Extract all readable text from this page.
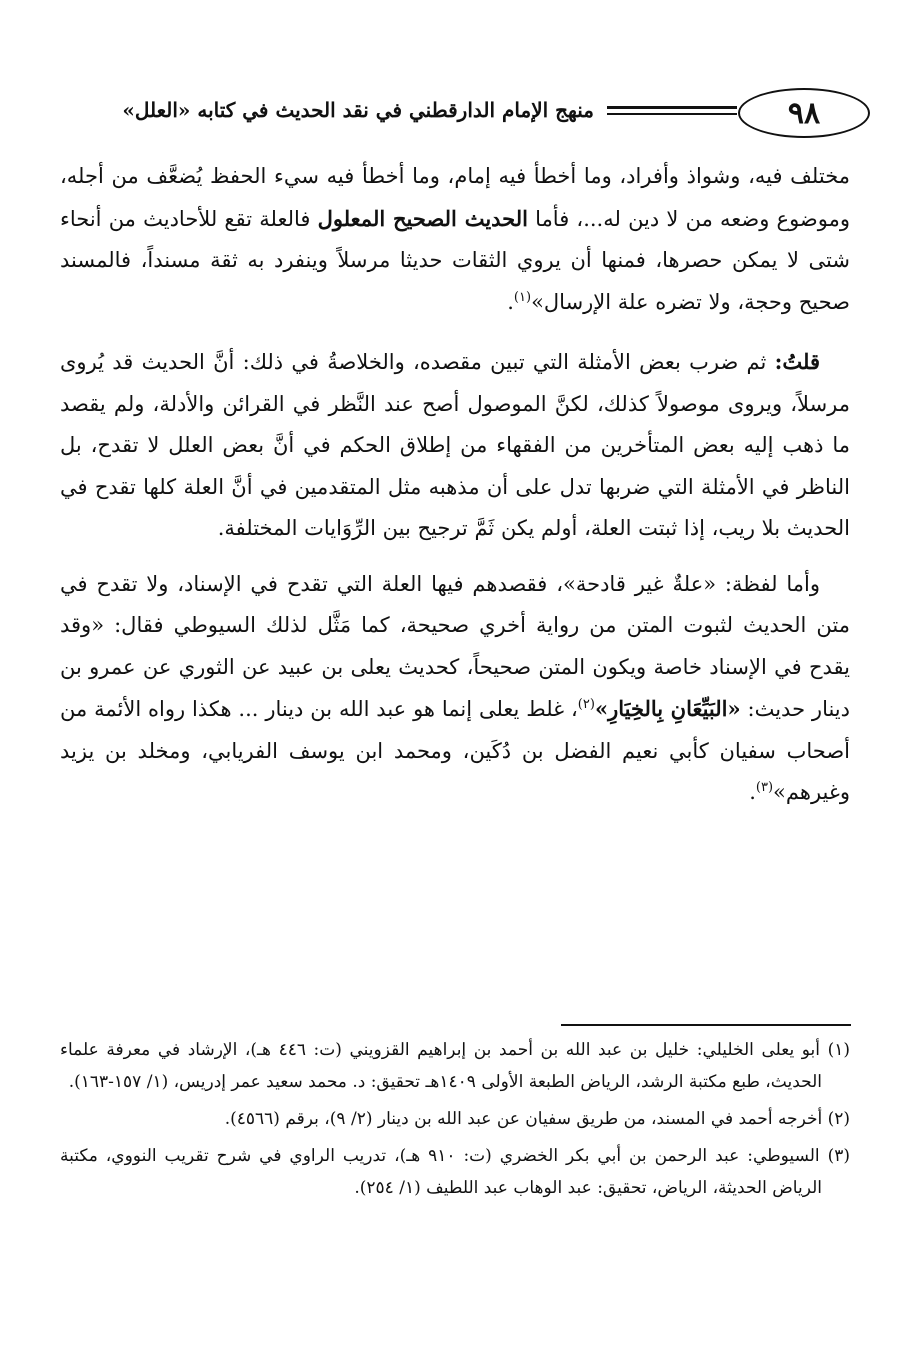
٩٨
منهج الإمام الدارقطني في نقد الحديث في كتابه «العلل»

مختلف فيه، وشواذ وأفراد، وما أخطأ فيه إمام، وما أخطأ فيه سيء الحفظ يُضعَّف من أجله، وموضوع وضعه من لا دين له...، فأما الحديث الصحيح المعلول فالعلة تقع للأحاديث من أنحاء شتى لا يمكن حصرها، فمنها أن يروي الثقات حديثا مرسلاً وينفرد به ثقة مسنداً، فالمسند صحيح وحجة، ولا تضره علة الإرسال»$^{(١)}$.

قلتُ: ثم ضرب بعض الأمثلة التي تبين مقصده، والخلاصةُ في ذلك: أنَّ الحديث قد يُروى مرسلاً، ويروى موصولاً كذلك، لكنَّ الموصول أصح عند النَّظر في القرائن والأدلة، ولم يقصد ما ذهب إليه بعض المتأخرين من الفقهاء من إطلاق الحكم في أنَّ بعض العلل لا تقدح، بل الناظر في الأمثلة التي ضربها تدل على أن مذهبه مثل المتقدمين في أنَّ العلة كلها تقدح في الحديث بلا ريب، إذا ثبتت العلة، أولم يكن ثَمَّ ترجيح بين الرِّوَايات المختلفة.

وأما لفظة: «علةٌ غير قادحة»، فقصدهم فيها العلة التي تقدح في الإسناد، ولا تقدح في متن الحديث لثبوت المتن من رواية أخري صحيحة، كما مَثَّل لذلك السيوطي فقال: «وقد يقدح في الإسناد خاصة ويكون المتن صحيحاً، كحديث يعلى بن عبيد عن الثوري عن عمرو بن دينار حديث: «البَيِّعَانِ بِالخِيَارِ»$^{(٢)}$، غلط يعلى إنما هو عبد الله بن دينار ... هكذا رواه الأئمة من أصحاب سفيان كأبي نعيم الفضل بن دُكَين، ومحمد ابن يوسف الفريابي، ومخلد بن يزيد وغيرهم»$^{(٣)}$.

(١) أبو يعلى الخليلي: خليل بن عبد الله بن أحمد بن إبراهيم القزويني (ت: ٤٤٦ هـ)، الإرشاد في معرفة علماء الحديث، طبع مكتبة الرشد، الرياض الطبعة الأولى ١٤٠٩هـ تحقيق: د. محمد سعيد عمر إدريس، (١/ ١٥٧-١٦٣).

(٢) أخرجه أحمد في المسند، من طريق سفيان عن عبد الله بن دينار (٢/ ٩)، برقم (٤٥٦٦).

(٣) السيوطي: عبد الرحمن بن أبي بكر الخضري (ت: ٩١٠ هـ)، تدريب الراوي في شرح تقريب النووي، مكتبة الرياض الحديثة، الرياض، تحقيق: عبد الوهاب عبد اللطيف (١/ ٢٥٤).
